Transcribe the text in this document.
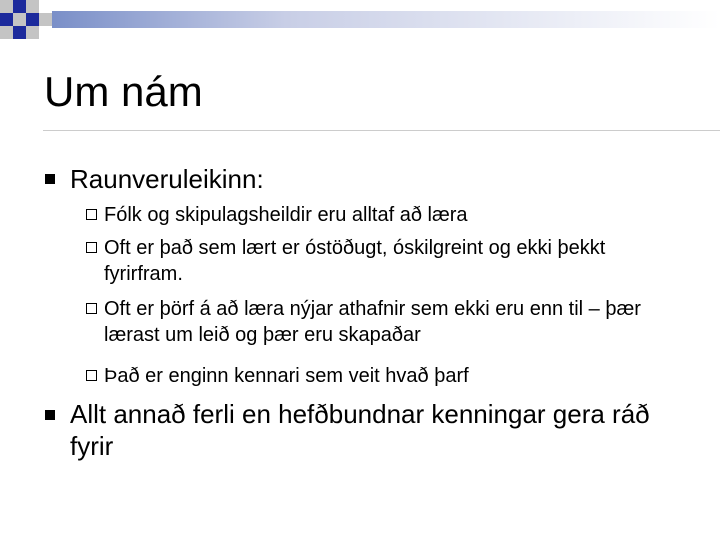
Um nám
Raunveruleikinn:
Fólk og skipulagsheildir eru alltaf að læra
Oft er það sem lært er óstöðugt, óskilgreint og ekki þekkt fyrirfram.
Oft er þörf á að læra nýjar athafnir sem ekki eru enn til – þær lærast um leið og þær eru skapaðar
Það er enginn kennari sem veit hvað þarf
Allt annað ferli en hefðbundnar kenningar gera ráð fyrir
